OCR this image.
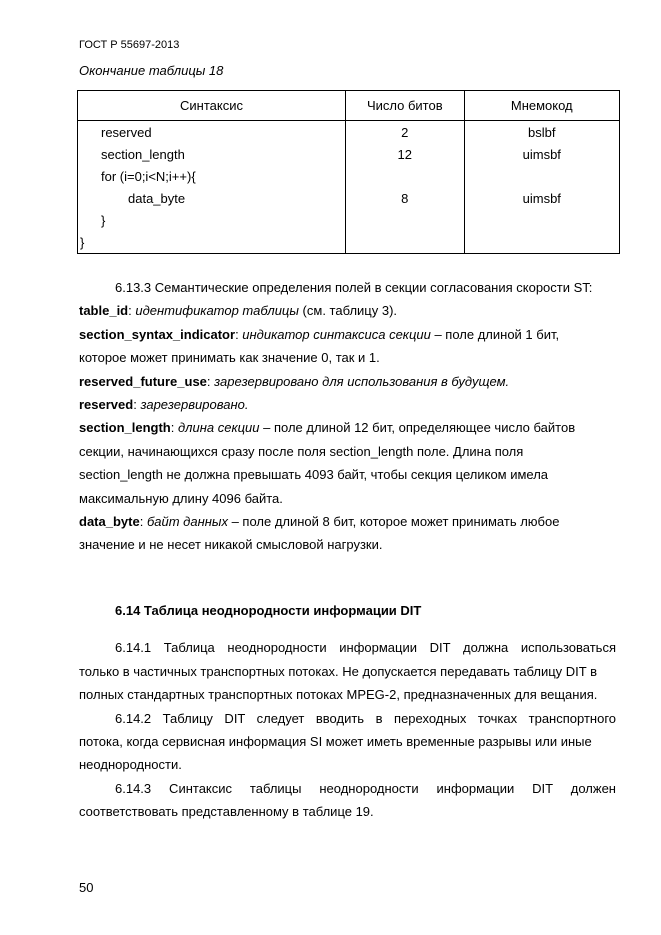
ГОСТ Р 55697-2013
Окончание таблицы 18
Синтаксис	Число битов	Мнемокод
reserved	2	bslbf
section_length	12	uimsbf
for (i=0;i<N;i++){		
data_byte	8	uimsbf
}		
}		

6.13.3 Семантические определения полей в секции согласования скорости ST:

table_id: идентификатор таблицы (см. таблицу 3).

section_syntax_indicator: индикатор синтаксиса секции – поле длиной 1 бит,

которое может принимать как значение 0, так и 1.

reserved_future_use: зарезервировано для использования в будущем.

reserved: зарезервировано.

section_length: длина секции – поле длиной 12 бит, определяющее число байтов

секции, начинающихся сразу после поля section_length поле. Длина поля

section_length не должна превышать 4093 байт, чтобы секция целиком имела

максимальную длину 4096 байта.

data_byte: байт данных – поле длиной 8 бит, которое может принимать любое

значение и не несет никакой смысловой нагрузки.

6.14 Таблица неоднородности информации DIT

6.14.1 Таблица неоднородности информации DIT должна использоваться

только в частичных транспортных потоках. Не допускается передавать таблицу DIT в

полных стандартных транспортных потоках MPEG-2, предназначенных для вещания.

6.14.2 Таблицу DIT следует вводить в переходных точках транспортного

потока, когда сервисная информация SI может иметь временные разрывы или иные

неоднородности.

6.14.3 Синтаксис таблицы неоднородности информации DIT должен

соответствовать представленному в таблице 19.

50
